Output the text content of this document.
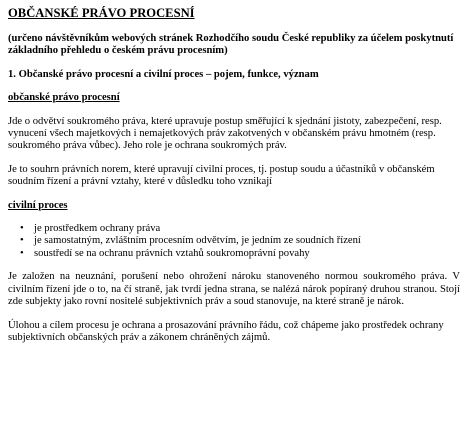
OBČANSKÉ PRÁVO PROCESNÍ
(určeno návštěvníkům webových stránek Rozhodčího soudu České republiky za účelem poskytnutí základního přehledu o českém právu procesním)
1. Občanské právo procesní a civilní proces – pojem, funkce, význam
občanské právo procesní

Jde o odvětví soukromého práva, které upravuje postup směřující k sjednání jistoty, zabezpečení, resp. vynucení všech majetkových i nemajetkových práv zakotvených v občanském právu hmotném (resp. soukromého práva vůbec). Jeho role je ochrana soukromých práv.

Je to souhrn právních norem, které upravují civilní proces, tj. postup soudu a účastníků v občanském soudním řízení a právní vztahy, které v důsledku toho vznikají

civilní proces
• je prostředkem ochrany práva
• je samostatným, zvláštním procesním odvětvím, je jedním ze soudních řízení
• soustředí se na ochranu právních vztahů soukromoprávní povahy

Je založen na neuznání, porušení nebo ohrožení nároku stanoveného normou soukromého práva. V civilním řízení jde o to, na čí straně, jak tvrdí jedna strana, se nalézá nárok popíraný druhou stranou. Stojí zde subjekty jako rovní nositelé subjektivních práv a soud stanovuje, na které straně je nárok.

Úlohou a cílem procesu je ochrana a prosazování právního řádu, což chápeme jako prostředek ochrany subjektivních občanských práv a zákonem chráněných zájmů.
